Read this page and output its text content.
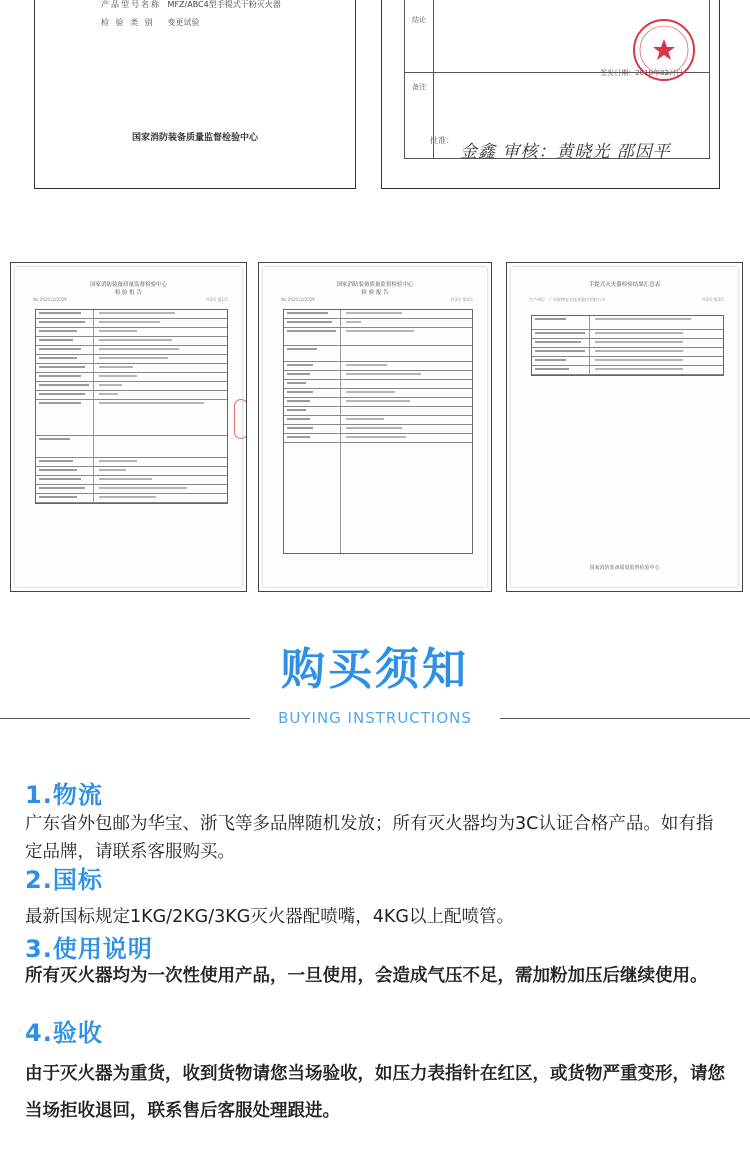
产品型号名称 MFZ/ABC4型手提式干粉灭火器
检 验 类 别 变更试验
国家消防装备质量监督检验中心
结论
备注
签发日期：2018年02月日
批准：
金鑫 审核：黄晓光 邵因平
国家消防装备质量监督检验中心
检 验 报 告
No Zb2012/2029	共3页 第1页
国家消防装备质量监督检验中心
检 验 报 告
No Zb2012/2029	共3页 第2页
手提式灭火器检验结果汇总表
生产单位：广东琨博安全技术股份有限公司	共3页 第3页
国家消防装备质量监督检验中心
购买须知
BUYING INSTRUCTIONS
1.物流
广东省外包邮为华宝、浙飞等多品牌随机发放；所有灭火器均为3C认证合格产品。如有指定品牌，请联系客服购买。
2.国标
最新国标规定1KG/2KG/3KG灭火器配喷嘴，4KG以上配喷管。
3.使用说明
所有灭火器均为一次性使用产品，一旦使用，会造成气压不足，需加粉加压后继续使用。
4.验收
由于灭火器为重货，收到货物请您当场验收，如压力表指针在红区，或货物严重变形，请您当场拒收退回，联系售后客服处理跟进。
